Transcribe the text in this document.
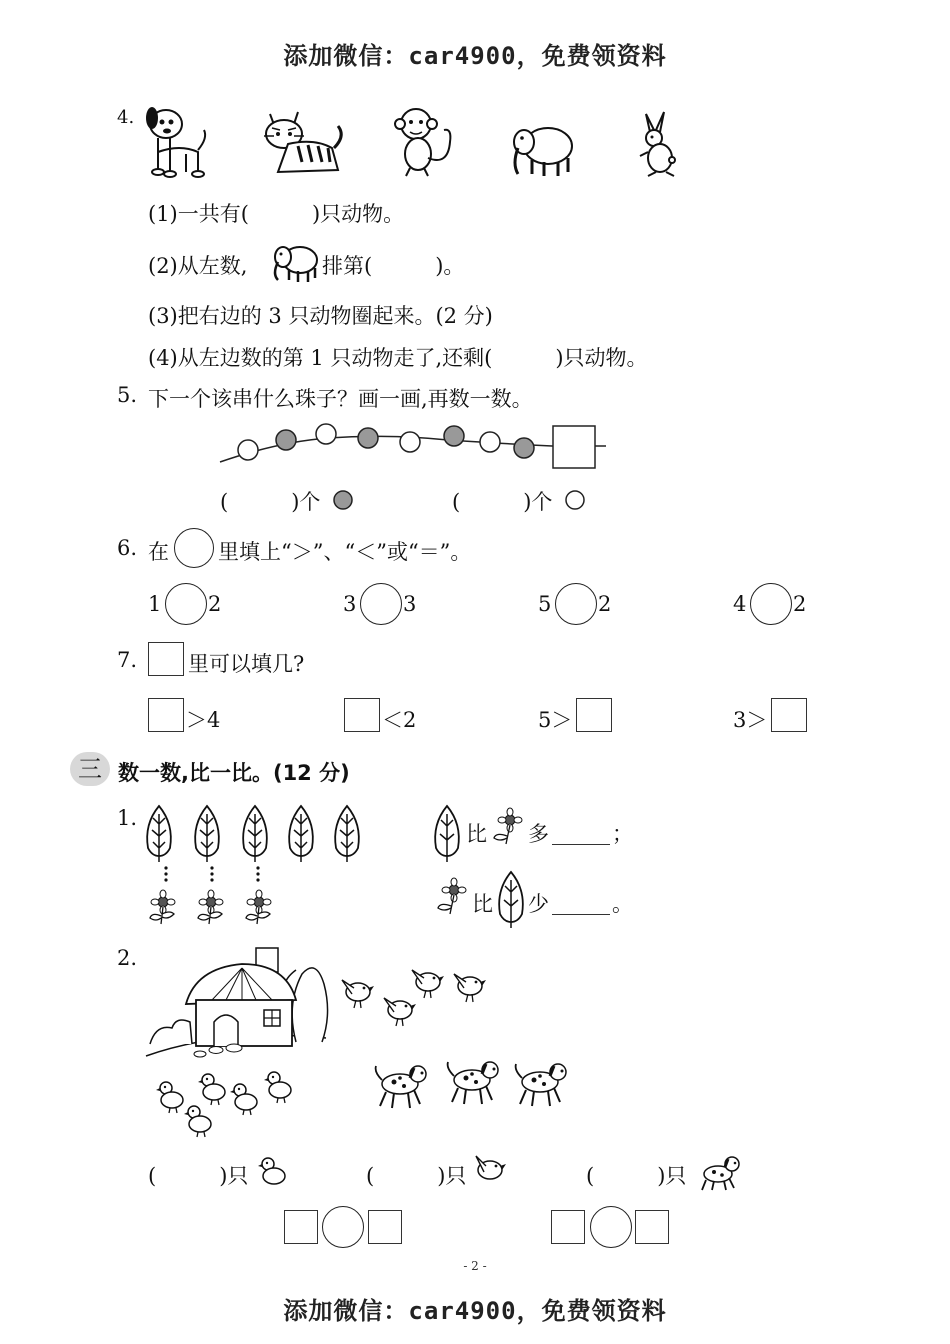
添加微信：car4900，免费领资料
4.
(1)一共有(　　　)只动物。
(2)从左数,	排第(　　　)。
(3)把右边的 3 只动物圈起来。(2 分)
(4)从左边数的第 1 只动物走了,还剩(　　　)只动物。
5. 下一个该串什么珠子？画一画,再数一数。
(　　　)个	(　　　)个
6. 在 里填上“＞”、“＜”或“＝”。
1 2	3 3	5 2	4 2
7. 里可以填几?
＞4	＜2	5＞	3＞
三 数一数,比一比。(12 分)
1.
比 多	；
比 少	。
2.
(　　　)只	(　　　)只	(　　　)只
- 2 -
添加微信：car4900，免费领资料
